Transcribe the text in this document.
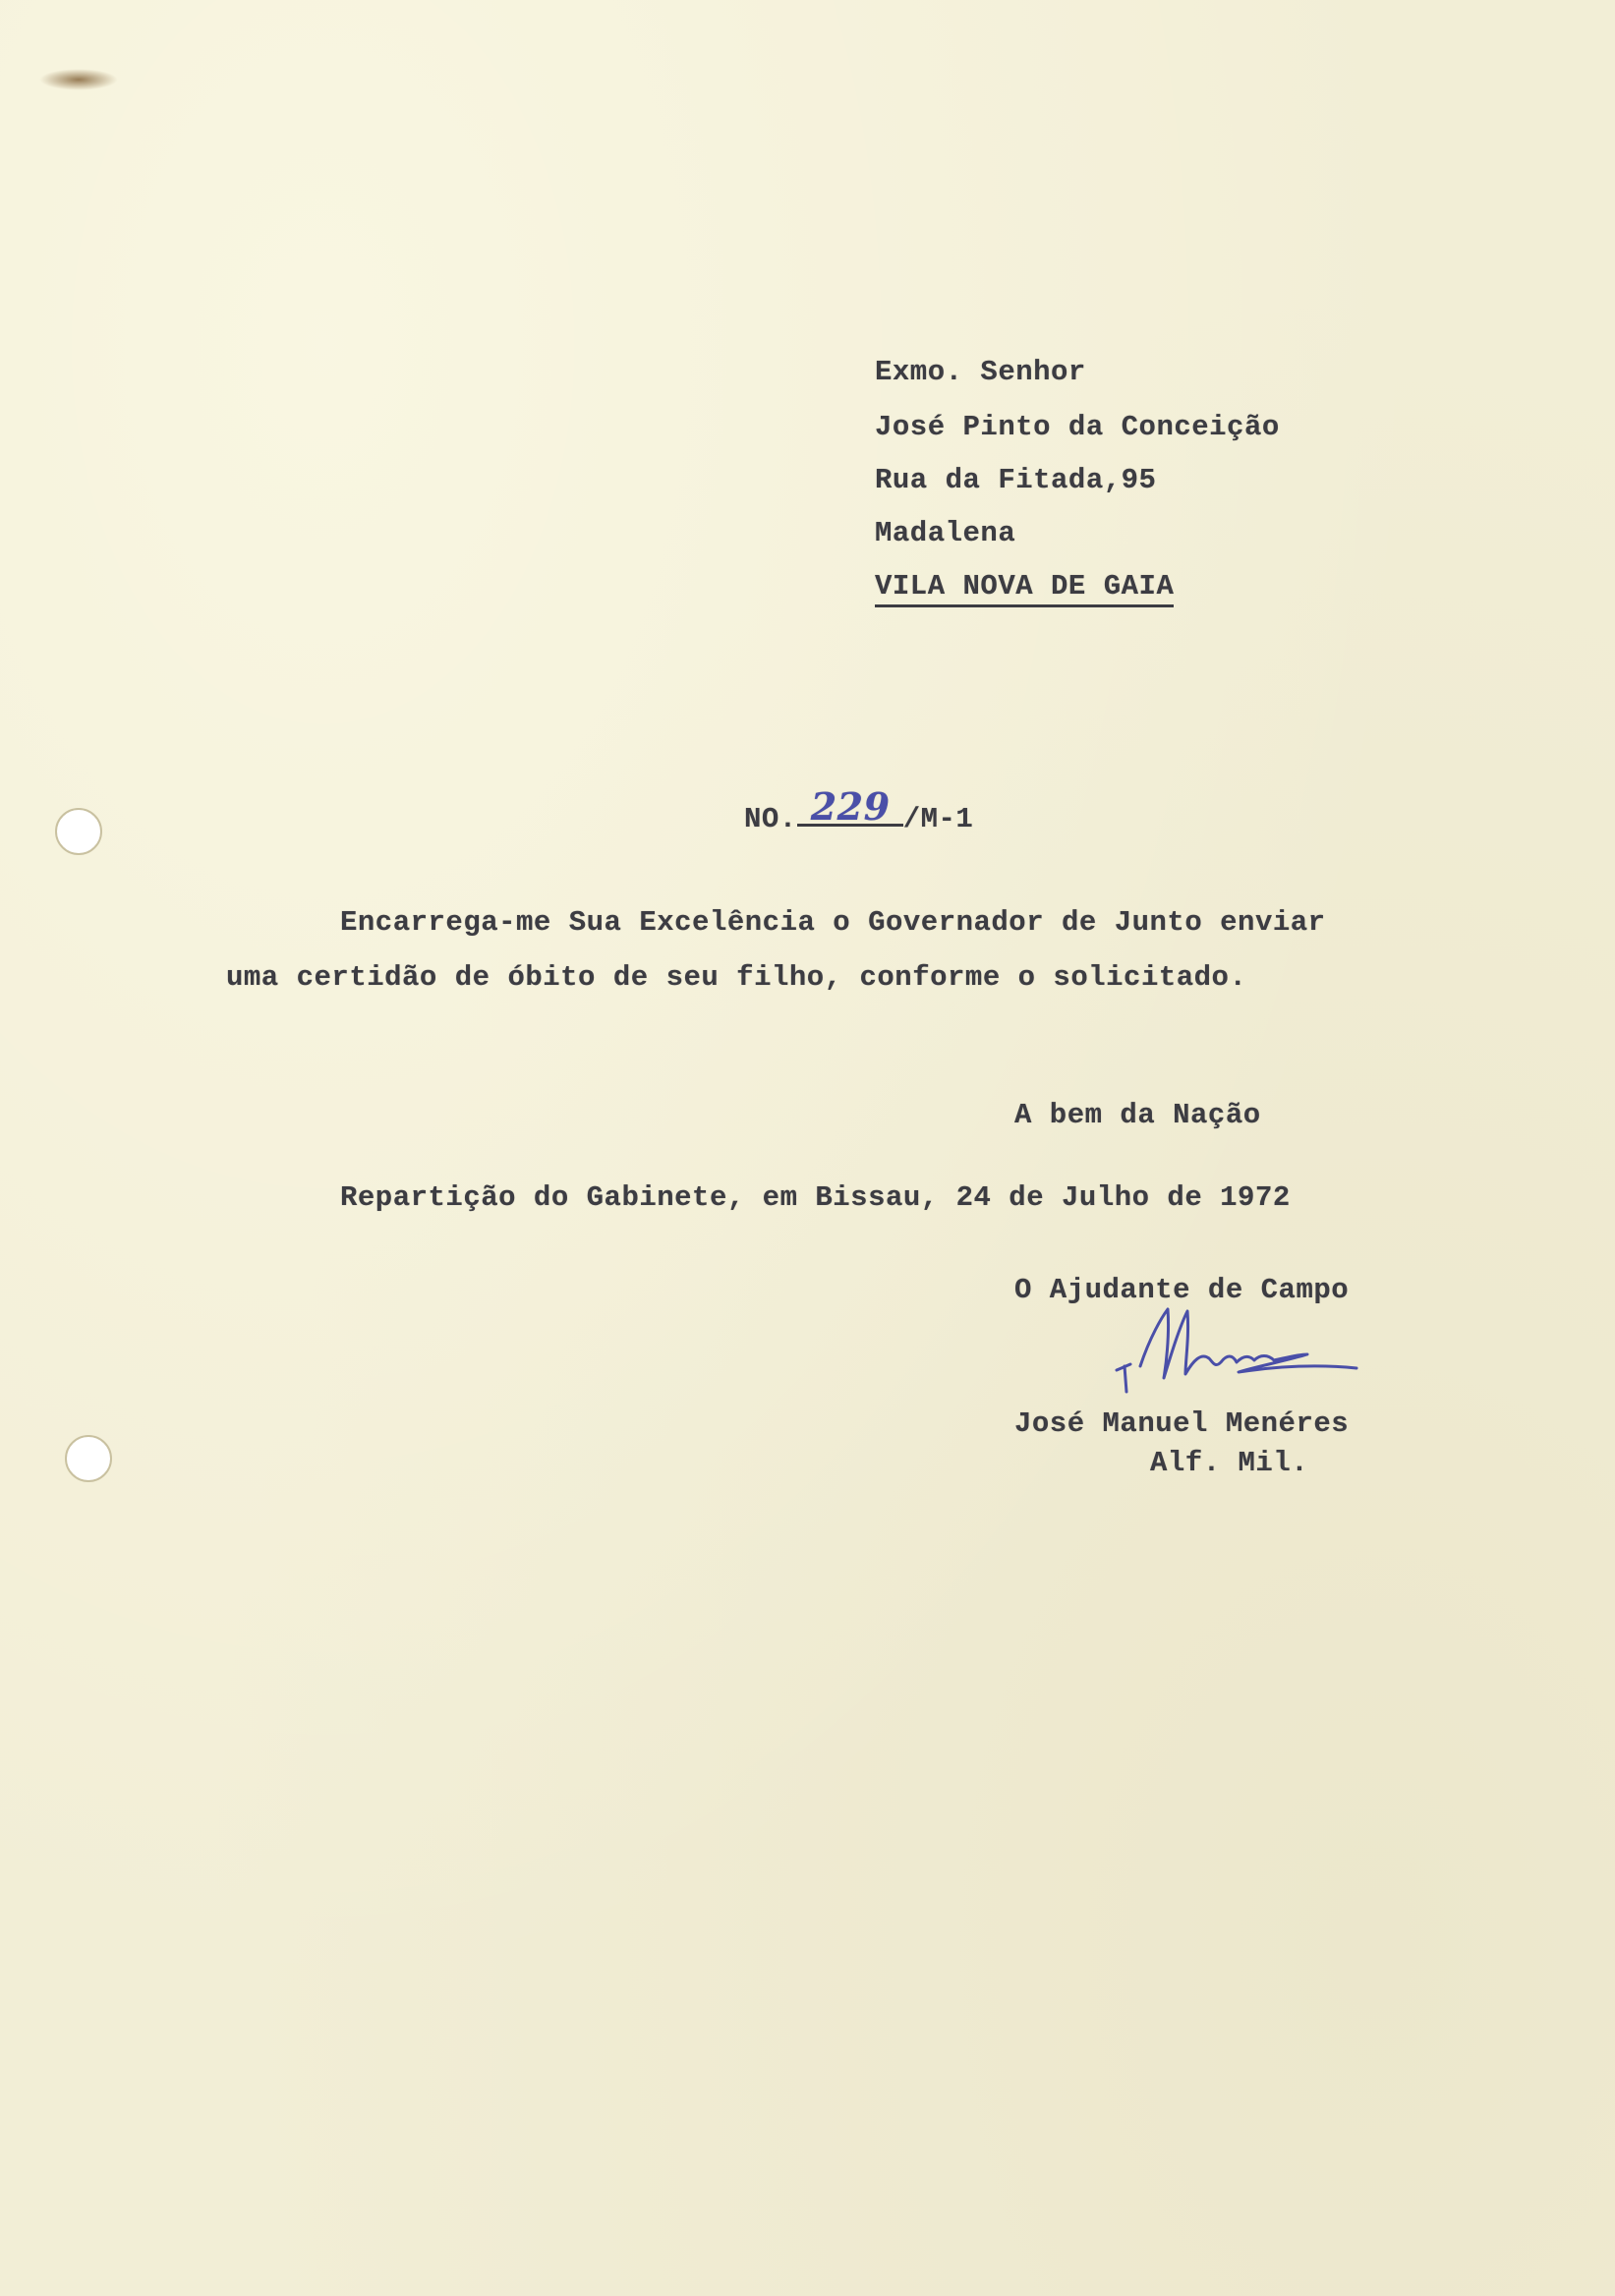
Exmo. Senhor
José Pinto da Conceição
Rua da Fitada,95
Madalena
VILA NOVA DE GAIA
NO. 229 /M-1
Encarrega-me Sua Excelência o Governador de Junto enviar
uma certidão de óbito de seu filho, conforme o solicitado.
A bem da Nação
Repartição do Gabinete, em Bissau, 24 de Julho de 1972
O Ajudante de Campo
José Manuel Menéres
Alf. Mil.
